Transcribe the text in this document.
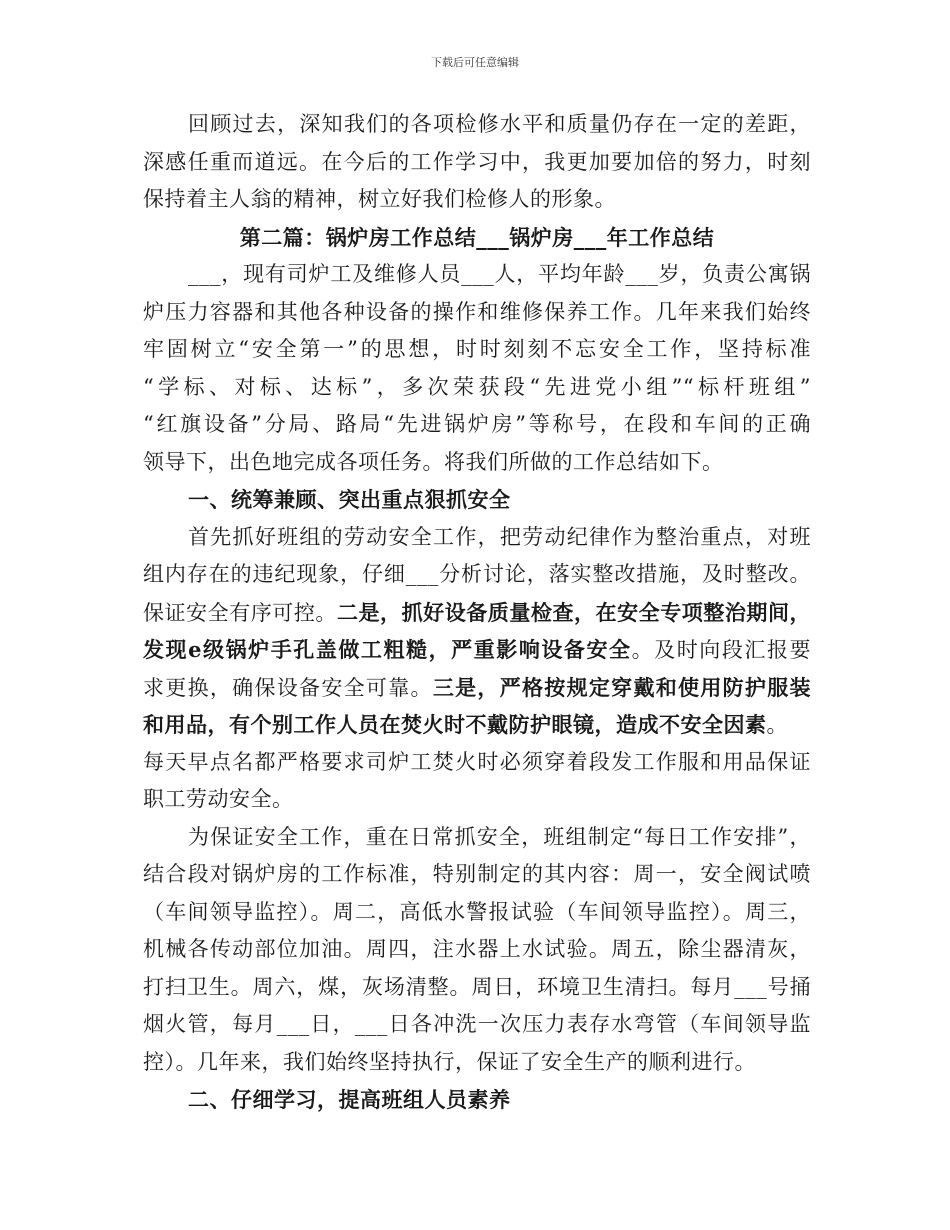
下载后可任意编辑
回顾过去，深知我们的各项检修水平和质量仍存在一定的差距，
深感任重而道远。在今后的工作学习中，我更加要加倍的努力，时刻
保持着主人翁的精神，树立好我们检修人的形象。
第二篇：锅炉房工作总结___锅炉房___年工作总结
___，现有司炉工及维修人员___人，平均年龄___岁，负责公寓锅
炉压力容器和其他各种设备的操作和维修保养工作。几年来我们始终
牢固树立“安全第一”的思想，时时刻刻不忘安全工作，坚持标准
“学标、对标、达标”，多次荣获段“先进党小组”“标杆班组”
“红旗设备”分局、路局“先进锅炉房”等称号，在段和车间的正确
领导下，出色地完成各项任务。将我们所做的工作总结如下。
一、统筹兼顾、突出重点狠抓安全
首先抓好班组的劳动安全工作，把劳动纪律作为整治重点，对班
组内存在的违纪现象，仔细___分析讨论，落实整改措施，及时整改。
保证安全有序可控。二是，抓好设备质量检查，在安全专项整治期间，
发现e级锅炉手孔盖做工粗糙，严重影响设备安全。及时向段汇报要
求更换，确保设备安全可靠。三是，严格按规定穿戴和使用防护服装
和用品，有个别工作人员在焚火时不戴防护眼镜，造成不安全因素。
每天早点名都严格要求司炉工焚火时必须穿着段发工作服和用品保证
职工劳动安全。
为保证安全工作，重在日常抓安全，班组制定“每日工作安排”，
结合段对锅炉房的工作标准，特别制定的其内容：周一，安全阀试喷
（车间领导监控）。周二，高低水警报试验（车间领导监控）。周三，
机械各传动部位加油。周四，注水器上水试验。周五，除尘器清灰，
打扫卫生。周六，煤，灰场清整。周日，环境卫生清扫。每月___号捅
烟火管，每月___日，___日各冲洗一次压力表存水弯管（车间领导监
控）。几年来，我们始终坚持执行，保证了安全生产的顺利进行。
二、仔细学习，提高班组人员素养
